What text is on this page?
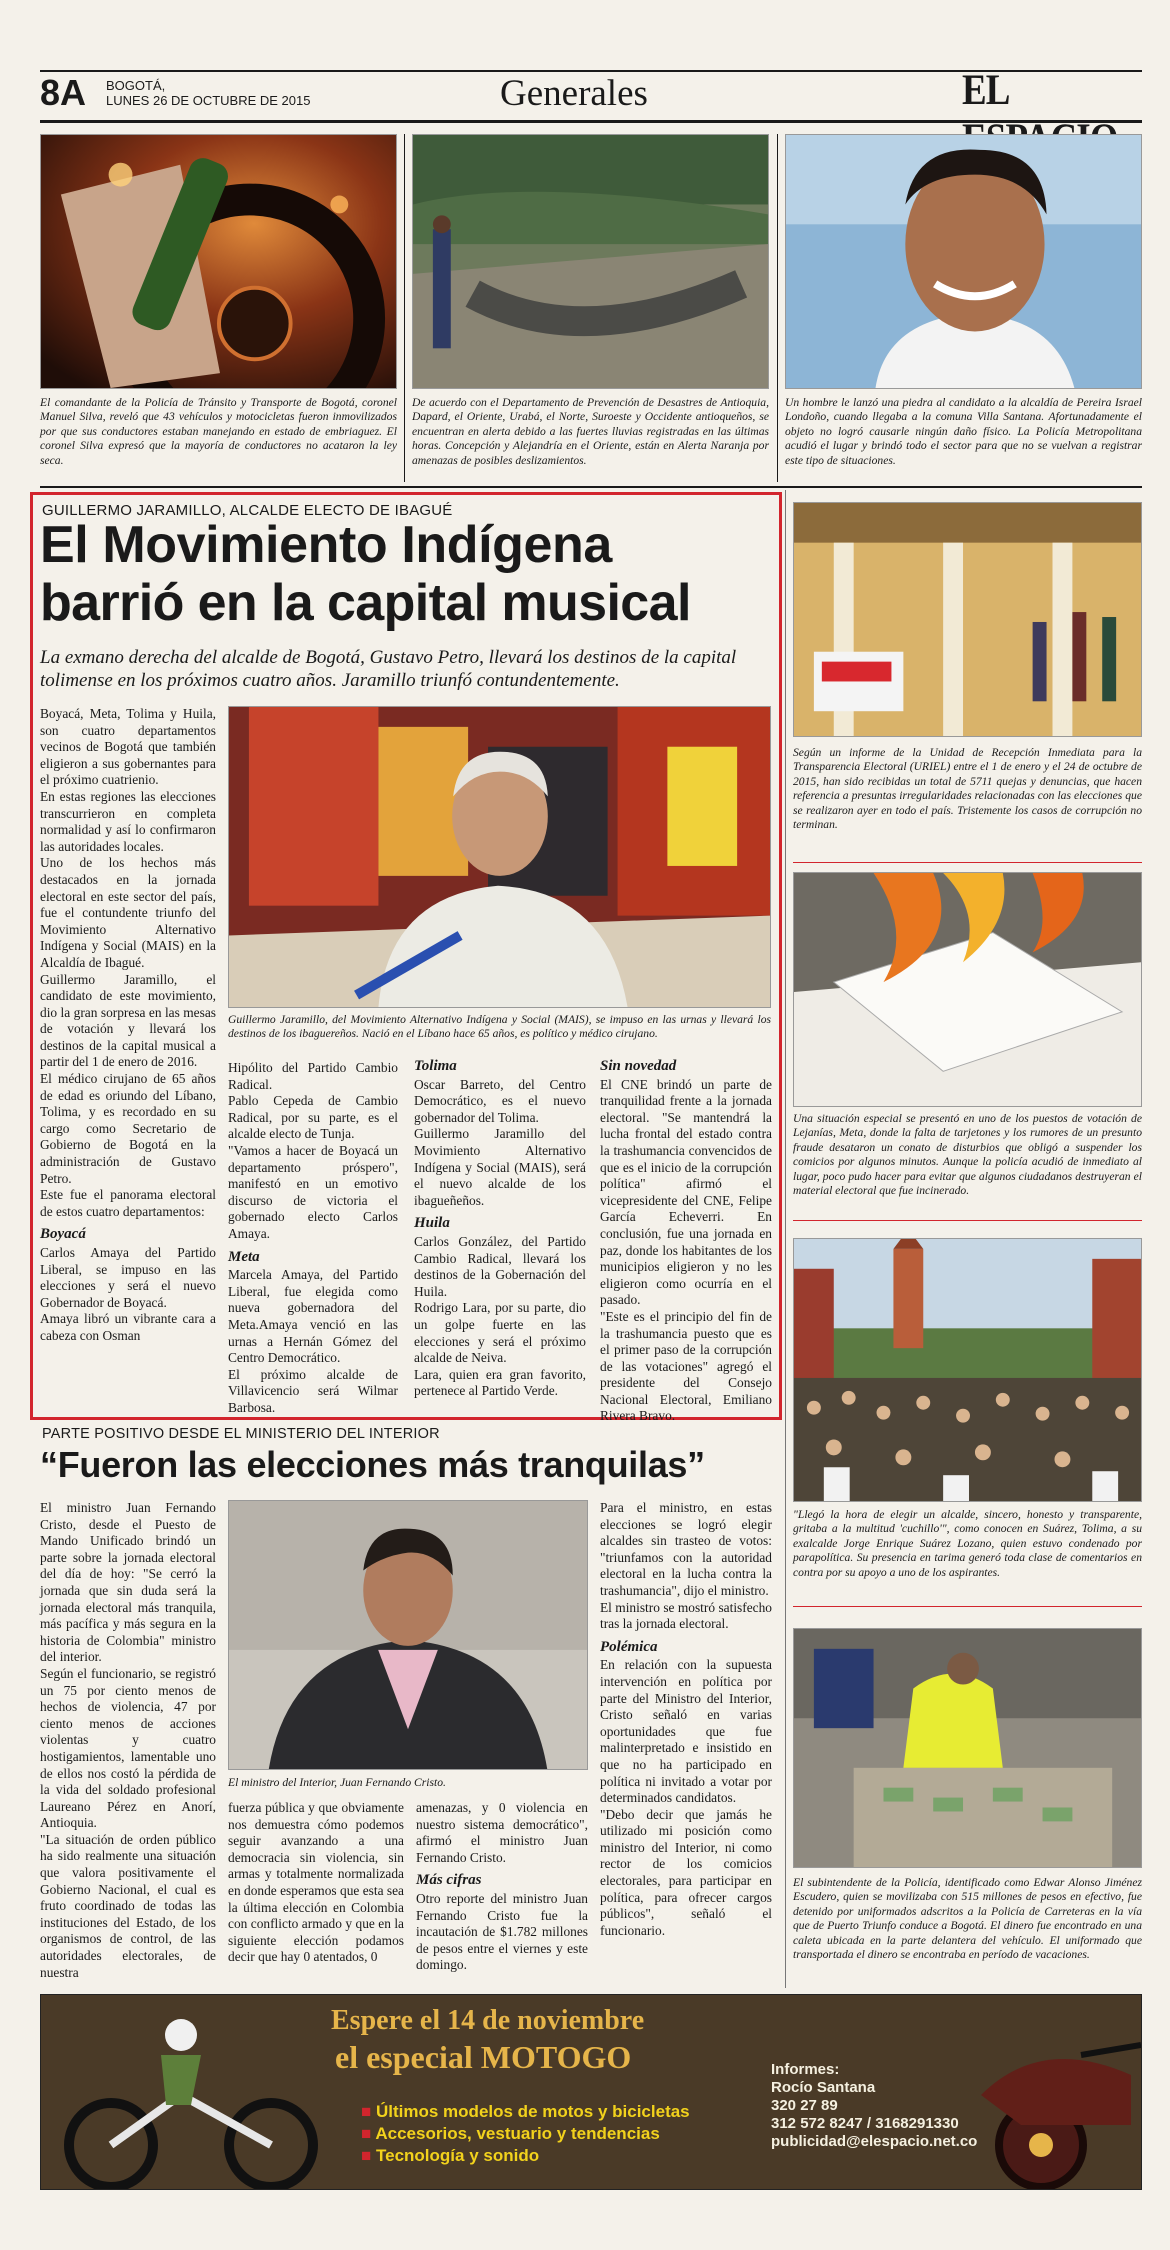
8A BOGOTÁ,
LUNES 26 DE OCTUBRE DE 2015	Generales	EL
El comandante de la Policía de Tránsito y Transporte de Bogotá, coronel Manuel Silva, reveló que 43 vehículos y motocicletas fueron inmovilizados por que sus conductores estaban manejando en estado de embriaguez. El coronel Silva expresó que la mayoría de conductores no acataron la ley seca.
De acuerdo con el Departamento de Prevención de Desastres de Antioquia, Dapard, el Oriente, Urabá, el Norte, Suroeste y Occidente antioqueños, se encuentran en alerta debido a las fuertes lluvias registradas en las últimas horas. Concepción y Alejandría en el Oriente, están en Alerta Naranja por amenazas de posibles deslizamientos.
Un hombre le lanzó una piedra al candidato a la alcaldía de Pereira Israel Londoño, cuando llegaba a la comuna Villa Santana. Afortunadamente el objeto no logró causarle ningún daño físico. La Policía Metropolitana acudió el lugar y brindó todo el sector para que no se vuelvan a registrar este tipo de situaciones.
GUILLERMO JARAMILLO, ALCALDE ELECTO DE IBAGUÉ
El Movimiento Indígena
barrió en la capital musical
La exmano derecha del alcalde de Bogotá, Gustavo Petro, llevará los destinos de la capital tolimense en los próximos cuatro años. Jaramillo triunfó contundentemente.
Guillermo Jaramillo, del Movimiento Alternativo Indígena y Social (MAIS), se impuso en las urnas y llevará los destinos de los ibaguereños. Nació en el Líbano hace 65 años, es político y médico cirujano.

Boyacá, Meta, Tolima y Huila, son cuatro departamentos vecinos de Bogotá que también eligieron a sus gobernantes para el próximo cuatrienio.

En estas regiones las elecciones transcurrieron en completa normalidad y así lo confirmaron las autoridades locales.

Uno de los hechos más destacados en la jornada electoral en este sector del país, fue el contundente triunfo del Movimiento Alternativo Indígena y Social (MAIS) en la Alcaldía de Ibagué.

Guillermo Jaramillo, el candidato de este movimiento, dio la gran sorpresa en las mesas de votación y llevará los destinos de la capital musical a partir del 1 de enero de 2016.

El médico cirujano de 65 años de edad es oriundo del Líbano, Tolima, y es recordado en su cargo como Secretario de Gobierno de Bogotá en la administración de Gustavo Petro.

Este fue el panorama electoral de estos cuatro departamentos:

Boyacá

Carlos Amaya del Partido Liberal, se impuso en las elecciones y será el nuevo Gobernador de Boyacá.

Amaya libró un vibrante cara a cabeza con Osman

Hipólito del Partido Cambio Radical.

Pablo Cepeda de Cambio Radical, por su parte, es el alcalde electo de Tunja.

"Vamos a hacer de Boyacá un departamento próspero", manifestó en un emotivo discurso de victoria el gobernado electo Carlos Amaya.

Meta

Marcela Amaya, del Partido Liberal, fue elegida como nueva gobernadora del Meta.Amaya venció en las urnas a Hernán Gómez del Centro Democrático.

El próximo alcalde de Villavicencio será Wilmar Barbosa.

Tolima

Oscar Barreto, del Centro Democrático, es el nuevo gobernador del Tolima.

Guillermo Jaramillo del Movimiento Alternativo Indígena y Social (MAIS), será el nuevo alcalde de los ibagueñeños.

Huila

Carlos González, del Partido Cambio Radical, llevará los destinos de la Gobernación del Huila.

Rodrigo Lara, por su parte, dio un golpe fuerte en las elecciones y será el próximo alcalde de Neiva.

Lara, quien era gran favorito, pertenece al Partido Verde.

Sin novedad

El CNE brindó un parte de tranquilidad frente a la jornada electoral. "Se mantendrá la lucha frontal del estado contra la trashumancia convencidos de que es el inicio de la corrupción política" afirmó el vicepresidente del CNE, Felipe García Echeverri. En conclusión, fue una jornada en paz, donde los habitantes de los municipios eligieron y no les eligieron como ocurría en el pasado.

"Este es el principio del fin de la trashumancia puesto que es el primer paso de la corrupción de las votaciones" agregó el presidente del Consejo Nacional Electoral, Emiliano Rivera Bravo.

PARTE POSITIVO DESDE EL MINISTERIO DEL INTERIOR
“Fueron las elecciones más tranquilas”
El ministro del Interior, Juan Fernando Cristo.

El ministro Juan Fernando Cristo, desde el Puesto de Mando Unificado brindó un parte sobre la jornada electoral del día de hoy: "Se cerró la jornada que sin duda será la jornada electoral más tranquila, más pacífica y más segura en la historia de Colombia" ministro del interior.

Según el funcionario, se registró un 75 por ciento menos de hechos de violencia, 47 por ciento menos de acciones violentas y cuatro hostigamientos, lamentable uno de ellos nos costó la pérdida de la vida del soldado profesional Laureano Pérez en Anorí, Antioquia.

"La situación de orden público ha sido realmente una situación que valora positivamente el Gobierno Nacional, el cual es fruto coordinado de todas las instituciones del Estado, de los organismos de control, de las autoridades electorales, de nuestra

fuerza pública y que obviamente nos demuestra cómo podemos seguir avanzando a una democracia sin violencia, sin armas y totalmente normalizada en donde esperamos que esta sea la última elección en Colombia con conflicto armado y que en la siguiente elección podamos decir que hay 0 atentados, 0

amenazas, y 0 violencia en nuestro sistema democrático", afirmó el ministro Juan Fernando Cristo.

Más cifras

Otro reporte del ministro Juan Fernando Cristo fue la incautación de $1.782 millones de pesos entre el viernes y este domingo.

Para el ministro, en estas elecciones se logró elegir alcaldes sin trasteo de votos: "triunfamos con la autoridad electoral en la lucha contra la trashumancia", dijo el ministro.

El ministro se mostró satisfecho tras la jornada electoral.

Polémica

En relación con la supuesta intervención en política por parte del Ministro del Interior, Cristo señaló en varias oportunidades que fue malinterpretado e insistido en que no ha participado en política ni invitado a votar por determinados candidatos.

"Debo decir que jamás he utilizado mi posición como ministro del Interior, ni como rector de los comicios electorales, para participar en política, para ofrecer cargos públicos", señaló el funcionario.

Según un informe de la Unidad de Recepción Inmediata para la Transparencia Electoral (URIEL) entre el 1 de enero y el 24 de octubre de 2015, han sido recibidas un total de 5711 quejas y denuncias, que hacen referencia a presuntas irregularidades relacionadas con las elecciones que se realizaron ayer en todo el país. Tristemente los casos de corrupción no terminan.
Una situación especial se presentó en uno de los puestos de votación de Lejanías, Meta, donde la falta de tarjetones y los rumores de un presunto fraude desataron un conato de disturbios que obligó a suspender los comicios por algunos minutos. Aunque la policía acudió de inmediato al lugar, poco pudo hacer para evitar que algunos ciudadanos destruyeran el material electoral que fue incinerado.
"Llegó la hora de elegir un alcalde, sincero, honesto y transparente, gritaba a la multitud 'cuchillo'", como conocen en Suárez, Tolima, a su exalcalde Jorge Enrique Suárez Lozano, quien estuvo condenado por parapolítica. Su presencia en tarima generó toda clase de comentarios en contra por su apoyo a uno de los aspirantes.
El subintendente de la Policía, identificado como Edwar Alonso Jiménez Escudero, quien se movilizaba con 515 millones de pesos en efectivo, fue detenido por uniformados adscritos a la Policía de Carreteras en la vía que de Puerto Triunfo conduce a Bogotá. El dinero fue encontrado en una caleta ubicada en la parte delantera del vehículo. El uniformado que transportada el dinero se encontraba en período de vacaciones.
Espere el 14 de noviembre
el especial MOTOGO
■ Últimos modelos de motos y bicicletas
■ Accesorios, vestuario y tendencias
■ Tecnología y sonido
Informes:
Rocío Santana
320 27 89
312 572 8247 / 3168291330
publicidad@elespacio.net.co
